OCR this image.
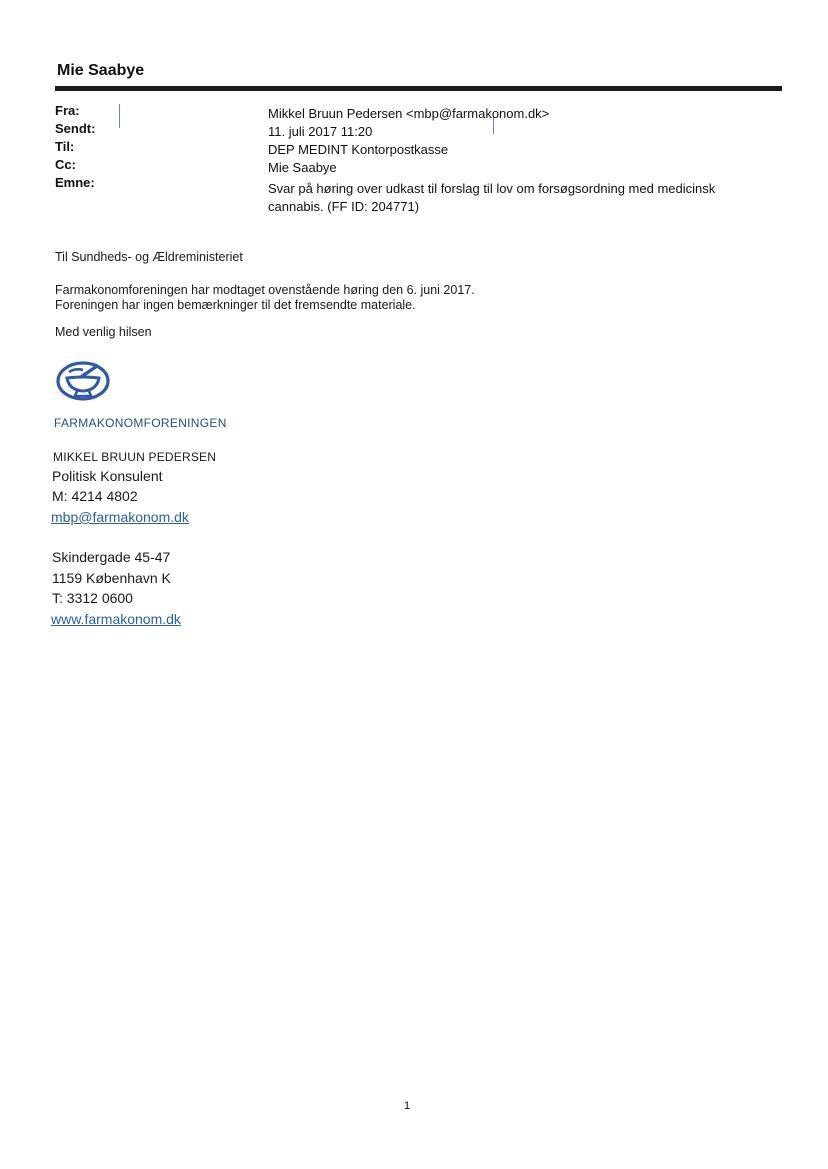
Mie Saabye
Fra:
Sendt:
Til:
Cc:
Emne:
Mikkel Bruun Pedersen <mbp@farmakonom.dk>
11. juli 2017 11:20
DEP MEDINT Kontorpostkasse
Mie Saabye
Svar på høring over udkast til forslag til lov om forsøgsordning med medicinsk cannabis. (FF ID: 204771)
Til Sundheds- og Ældreministeriet
Farmakonomforeningen har modtaget ovenstående høring den 6. juni 2017.
Foreningen har ingen bemærkninger til det fremsendte materiale.
Med venlig hilsen
FARMAKONOMFORENINGEN
MIKKEL BRUUN PEDERSEN
Politisk Konsulent
M: 4214 4802
mbp@farmakonom.dk
Skindergade 45-47
1159 København K
T: 3312 0600
www.farmakonom.dk
1
